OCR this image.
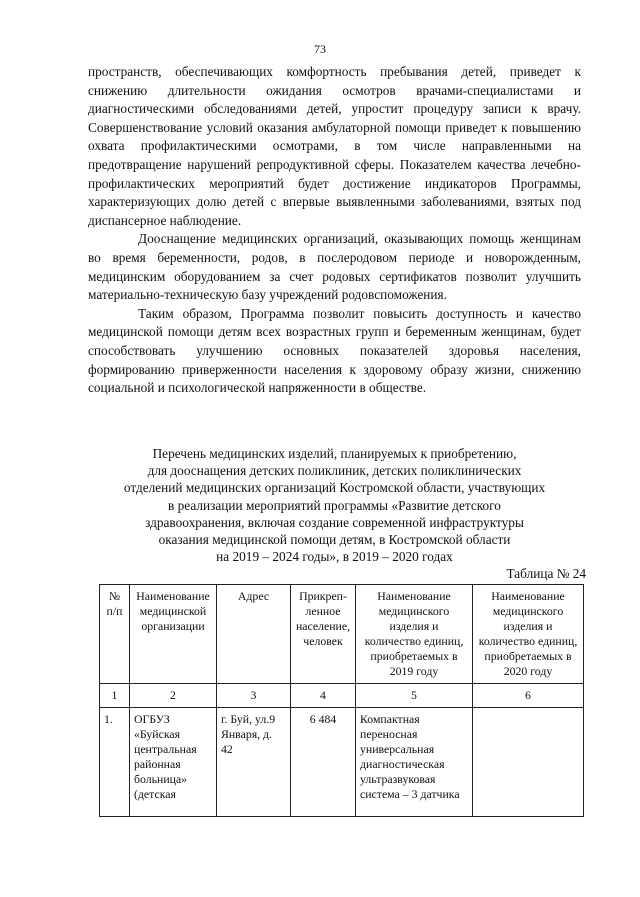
73

пространств, обеспечивающих комфортность пребывания детей, приведет к снижению длительности ожидания осмотров врачами-специалистами и диагностическими обследованиями детей, упростит процедуру записи к врачу. Совершенствование условий оказания амбулаторной помощи приведет к повышению охвата профилактическими осмотрами, в том числе направленными на предотвращение нарушений репродуктивной сферы. Показателем качества лечебно-профилактических мероприятий будет достижение индикаторов Программы, характеризующих долю детей с впервые выявленными заболеваниями, взятых под диспансерное наблюдение.

Дооснащение медицинских организаций, оказывающих помощь женщинам во время беременности, родов, в послеродовом периоде и новорожденным, медицинским оборудованием за счет родовых сертификатов позволит улучшить материально-техническую базу учреждений родовспоможения.

Таким образом, Программа позволит повысить доступность и качество медицинской помощи детям всех возрастных групп и беременным женщинам, будет способствовать улучшению основных показателей здоровья населения, формированию приверженности населения к здоровому образу жизни, снижению социальной и психологической напряженности в обществе.

Перечень медицинских изделий, планируемых к приобретению,
для дооснащения детских поликлиник, детских поликлинических
отделений медицинских организаций Костромской области, участвующих
в реализации мероприятий программы «Развитие детского
здравоохранения, включая создание современной инфраструктуры
оказания медицинской помощи детям, в Костромской области
на 2019 – 2024 годы», в 2019 – 2020 годах
Таблица № 24
№ п/п	Наименование медицинской организации	Адрес	Прикреп-ленное население, человек	Наименование медицинского изделия и количество единиц, приобретаемых в 2019 году	Наименование медицинского изделия и количество единиц, приобретаемых в 2020 году
1	2	3	4	5	6
1.	ОГБУЗ «Буйская центральная районная больница» (детская	г. Буй, ул.9 Января, д. 42	6 484	Компактная переносная универсальная диагностическая ультразвуковая система – 3 датчика	
